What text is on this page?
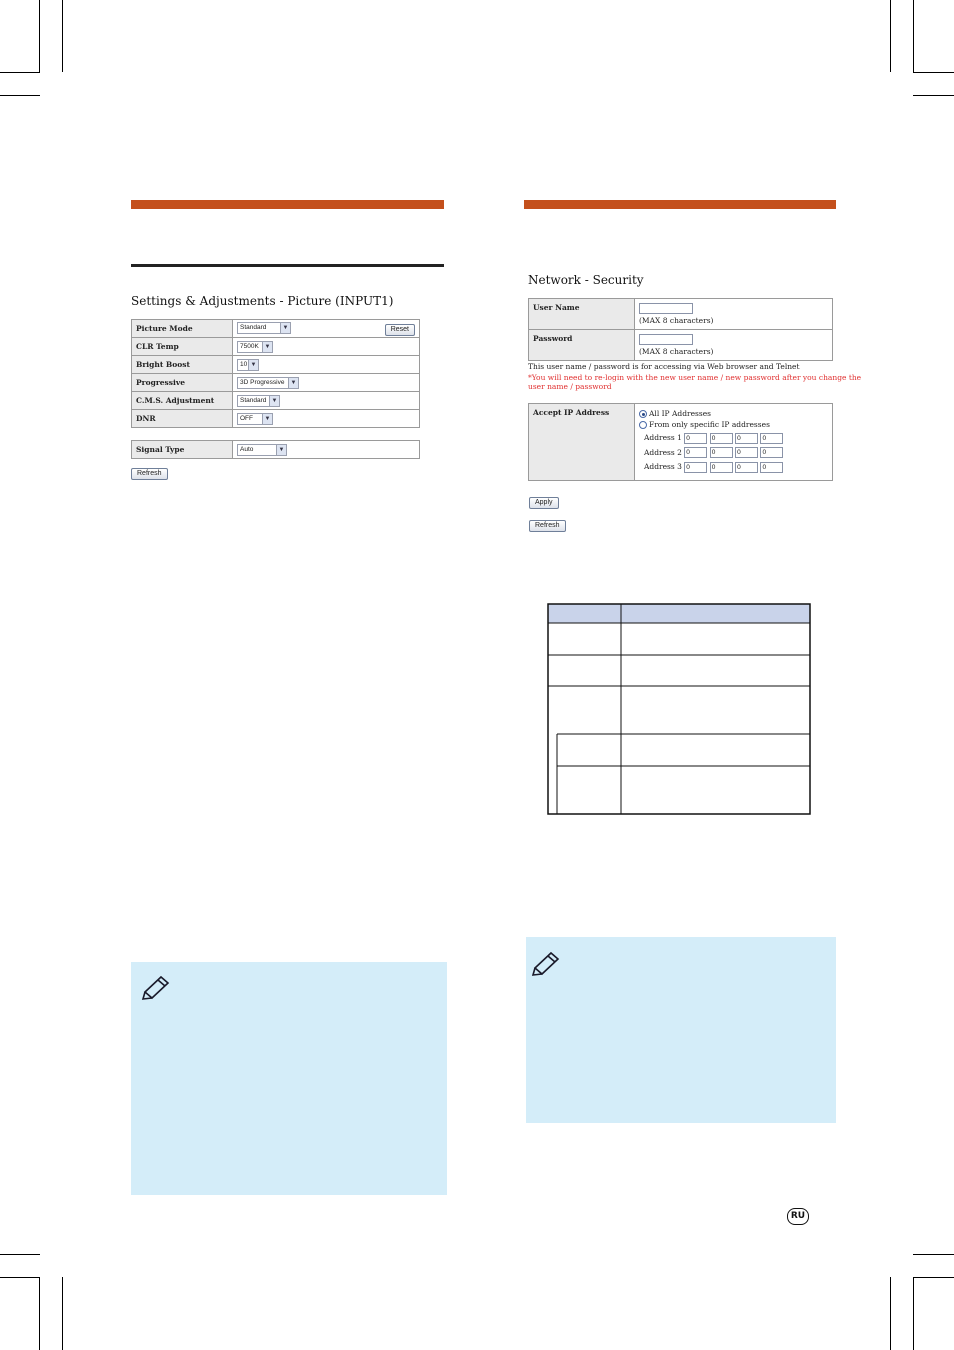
Settings & Adjustments - Picture (INPUT1)
Picture Mode	Standard ▼ Reset

CLR Temp	7500K ▼

Bright Boost	10 ▼

Progressive	3D Progressive ▼

C.M.S. Adjustment	Standard ▼

DNR	OFF ▼
Signal Type	Auto	▼
Refresh
Network - Security
User Name	(MAX 8 characters)
Password	(MAX 8 characters)
This user name / password is for accessing via Web browser and Telnet
*You will need to re-login with the new user name / new password after you change the
user name / password
Accept IP Address	All IP Addresses
From only specific IP addresses
Address 1 0	0	0	0
Address 2 0	0	0	0
Address 3 0	0	0	0
Apply
Refresh
RU
